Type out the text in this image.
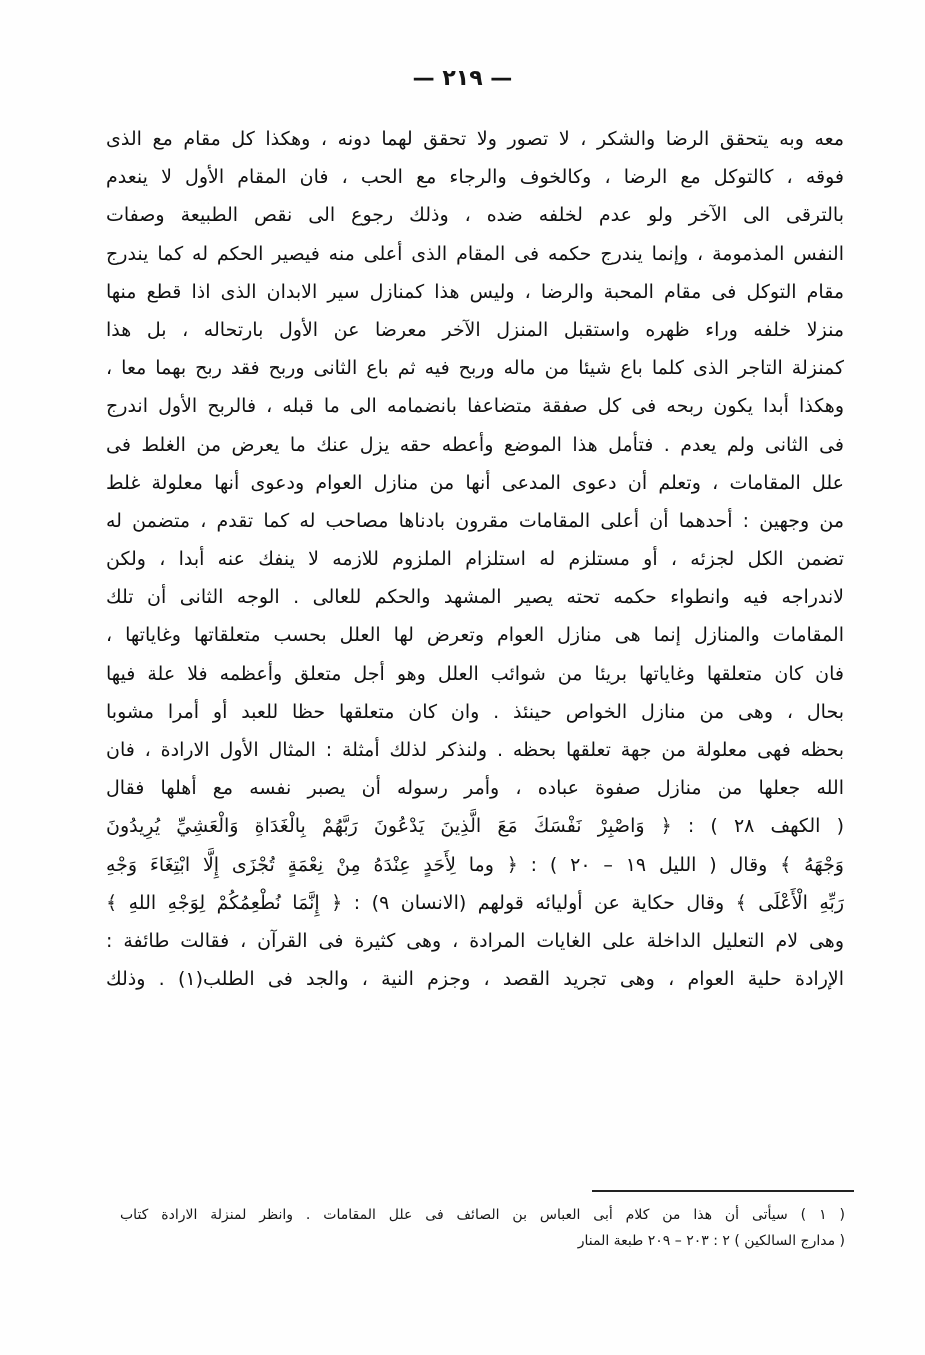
— ٢١٩ —
معه وبه يتحقق الرضا والشكر ، لا تصور ولا تحقق لهما دونه ، وهكذا كل مقام مع الذى
فوقه ، كالتوكل مع الرضا ، وكالخوف والرجاء مع الحب ، فان المقام الأول لا ينعدم
بالترقى الى الآخر ولو عدم لخلفه ضده ، وذلك رجوع الى نقص الطبيعة وصفات
النفس المذمومة ، وإنما يندرج حكمه فى المقام الذى أعلى منه فيصير الحكم له كما يندرج
مقام التوكل فى مقام المحبة والرضا ، وليس هذا كمنازل سير الابدان الذى اذا قطع منها
منزلا خلفه وراء ظهره واستقبل المنزل الآخر معرضا عن الأول بارتحاله ، بل هذا
كمنزلة التاجر الذى كلما باع شيئا من ماله وربح فيه ثم باع الثانى وربح فقد ربح بهما معا ،
وهكذا أبدا يكون ربحه فى كل صفقة متضاعفا بانضمامه الى ما قبله ، فالربح الأول اندرج
فى الثانى ولم يعدم . فتأمل هذا الموضع وأعطه حقه يزل عنك ما يعرض من الغلط فى
علل المقامات ، وتعلم أن دعوى المدعى أنها من منازل العوام ودعوى أنها معلولة غلط
من وجهين : أحدهما أن أعلى المقامات مقرون بادناها مصاحب له كما تقدم ، متضمن له
تضمن الكل لجزئه ، أو مستلزم له استلزام الملزوم للازمه لا ينفك عنه أبدا ، ولكن
لاندراجه فيه وانطواء حكمه تحته يصير المشهد والحكم للعالى . الوجه الثانى أن تلك
المقامات والمنازل إنما هى منازل العوام وتعرض لها العلل بحسب متعلقاتها وغاياتها ،
فان كان متعلقها وغاياتها بريئا من شوائب العلل وهو أجل متعلق وأعظمه فلا علة فيها
بحال ، وهى من منازل الخواص حينئذ . وان كان متعلقها حظا للعبد أو أمرا مشوبا
بحظه فهى معلولة من جهة تعلقها بحظه . ولنذكر لذلك أمثلة : المثال الأول الارادة ، فان
الله جعلها من منازل صفوة عباده ، وأمر رسوله أن يصبر نفسه مع أهلها فقال
( الكهف ٢٨ ) : ﴿ وَاصْبِرْ نَفْسَكَ مَعَ الَّذِينَ يَدْعُونَ رَبَّهُمْ بِالْغَدَاةِ وَالْعَشِيِّ يُرِيدُونَ
وَجْهَهُ ﴾ وقال ( الليل ١٩ – ٢٠ ) : ﴿ وما لِأَحَدٍ عِنْدَهُ مِنْ نِعْمَةٍ تُجْزَى إِلَّا ابْتِغَاءَ وَجْهِ
رَبِّهِ الْأَعْلَى ﴾ وقال حكاية عن أوليائه قولهم (الانسان ٩) : ﴿ إِنَّمَا نُطْعِمُكُمْ لِوَجْهِ اللهِ ﴾
وهى لام التعليل الداخلة على الغايات المرادة ، وهى كثيرة فى القرآن ، فقالت طائفة :
الإرادة حلية العوام ، وهى تجريد القصد ، وجزم النية ، والجد فى الطلب(١) . وذلك
( ١ ) سيأتى أن هذا من كلام أبى العباس بن الصائف فى علل المقامات . وانظر لمنزلة الارادة كتاب
( مدارج السالكين ) ٢ : ٢٠٣ – ٢٠٩ طبعة المنار
